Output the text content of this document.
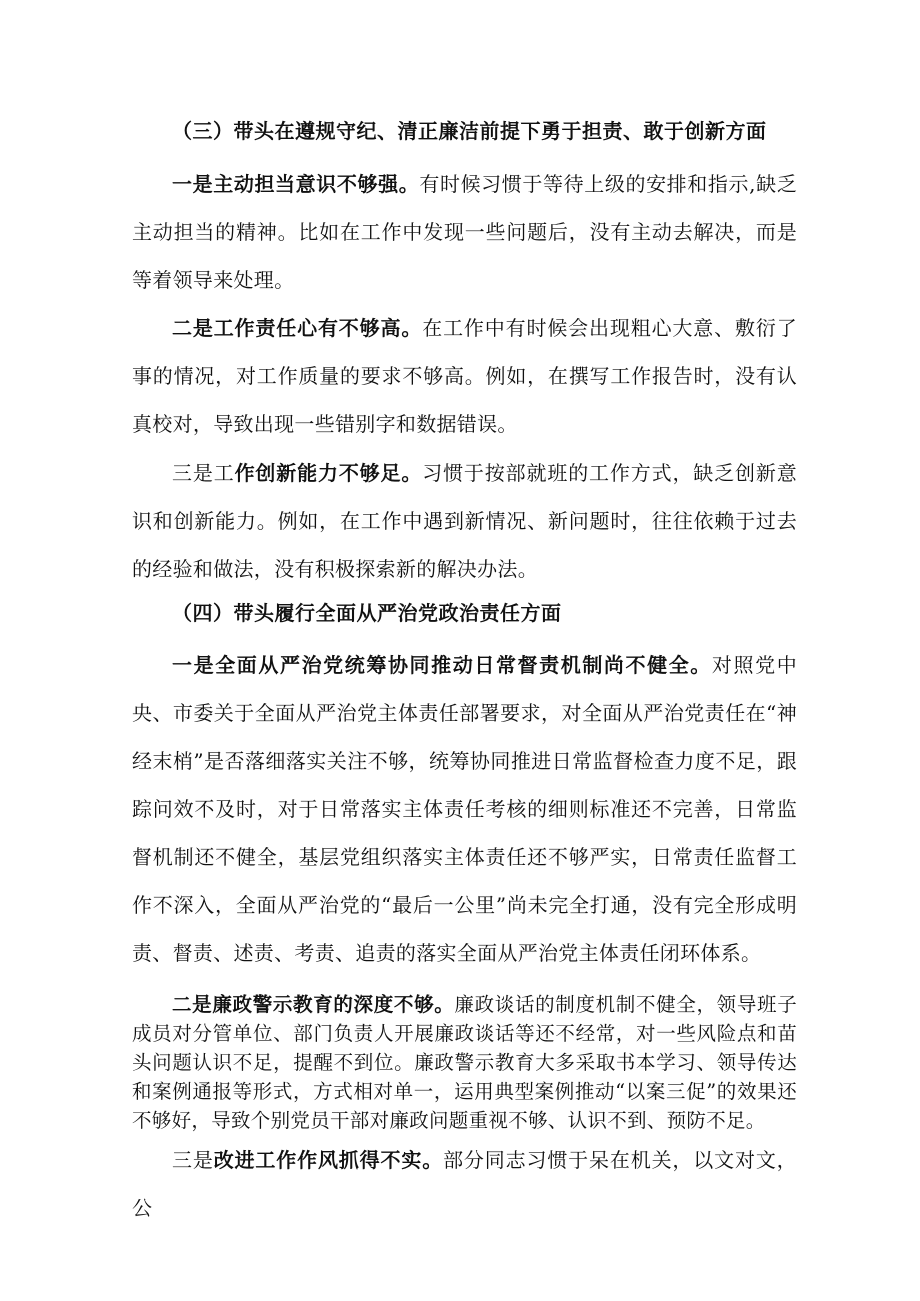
（三）带头在遵规守纪、清正廉洁前提下勇于担责、敢于创新方面
一是主动担当意识不够强。有时候习惯于等待上级的安排和指示,缺乏主动担当的精神。比如在工作中发现一些问题后，没有主动去解决，而是等着领导来处理。
二是工作责任心有不够高。在工作中有时候会出现粗心大意、敷衍了事的情况，对工作质量的要求不够高。例如，在撰写工作报告时，没有认真校对，导致出现一些错别字和数据错误。
三是工作创新能力不够足。习惯于按部就班的工作方式，缺乏创新意识和创新能力。例如，在工作中遇到新情况、新问题时，往往依赖于过去的经验和做法，没有积极探索新的解决办法。
（四）带头履行全面从严治党政治责任方面
一是全面从严治党统筹协同推动日常督责机制尚不健全。对照党中央、市委关于全面从严治党主体责任部署要求，对全面从严治党责任在“神经末梢”是否落细落实关注不够，统筹协同推进日常监督检查力度不足，跟踪问效不及时，对于日常落实主体责任考核的细则标准还不完善，日常监督机制还不健全，基层党组织落实主体责任还不够严实，日常责任监督工作不深入，全面从严治党的“最后一公里”尚未完全打通，没有完全形成明责、督责、述责、考责、追责的落实全面从严治党主体责任闭环体系。
二是廉政警示教育的深度不够。廉政谈话的制度机制不健全，领导班子成员对分管单位、部门负责人开展廉政谈话等还不经常，对一些风险点和苗头问题认识不足，提醒不到位。廉政警示教育大多采取书本学习、领导传达和案例通报等形式，方式相对单一，运用典型案例推动“以案三促”的效果还不够好，导致个别党员干部对廉政问题重视不够、认识不到、预防不足。
三是改进工作作风抓得不实。部分同志习惯于呆在机关，以文对文，公
